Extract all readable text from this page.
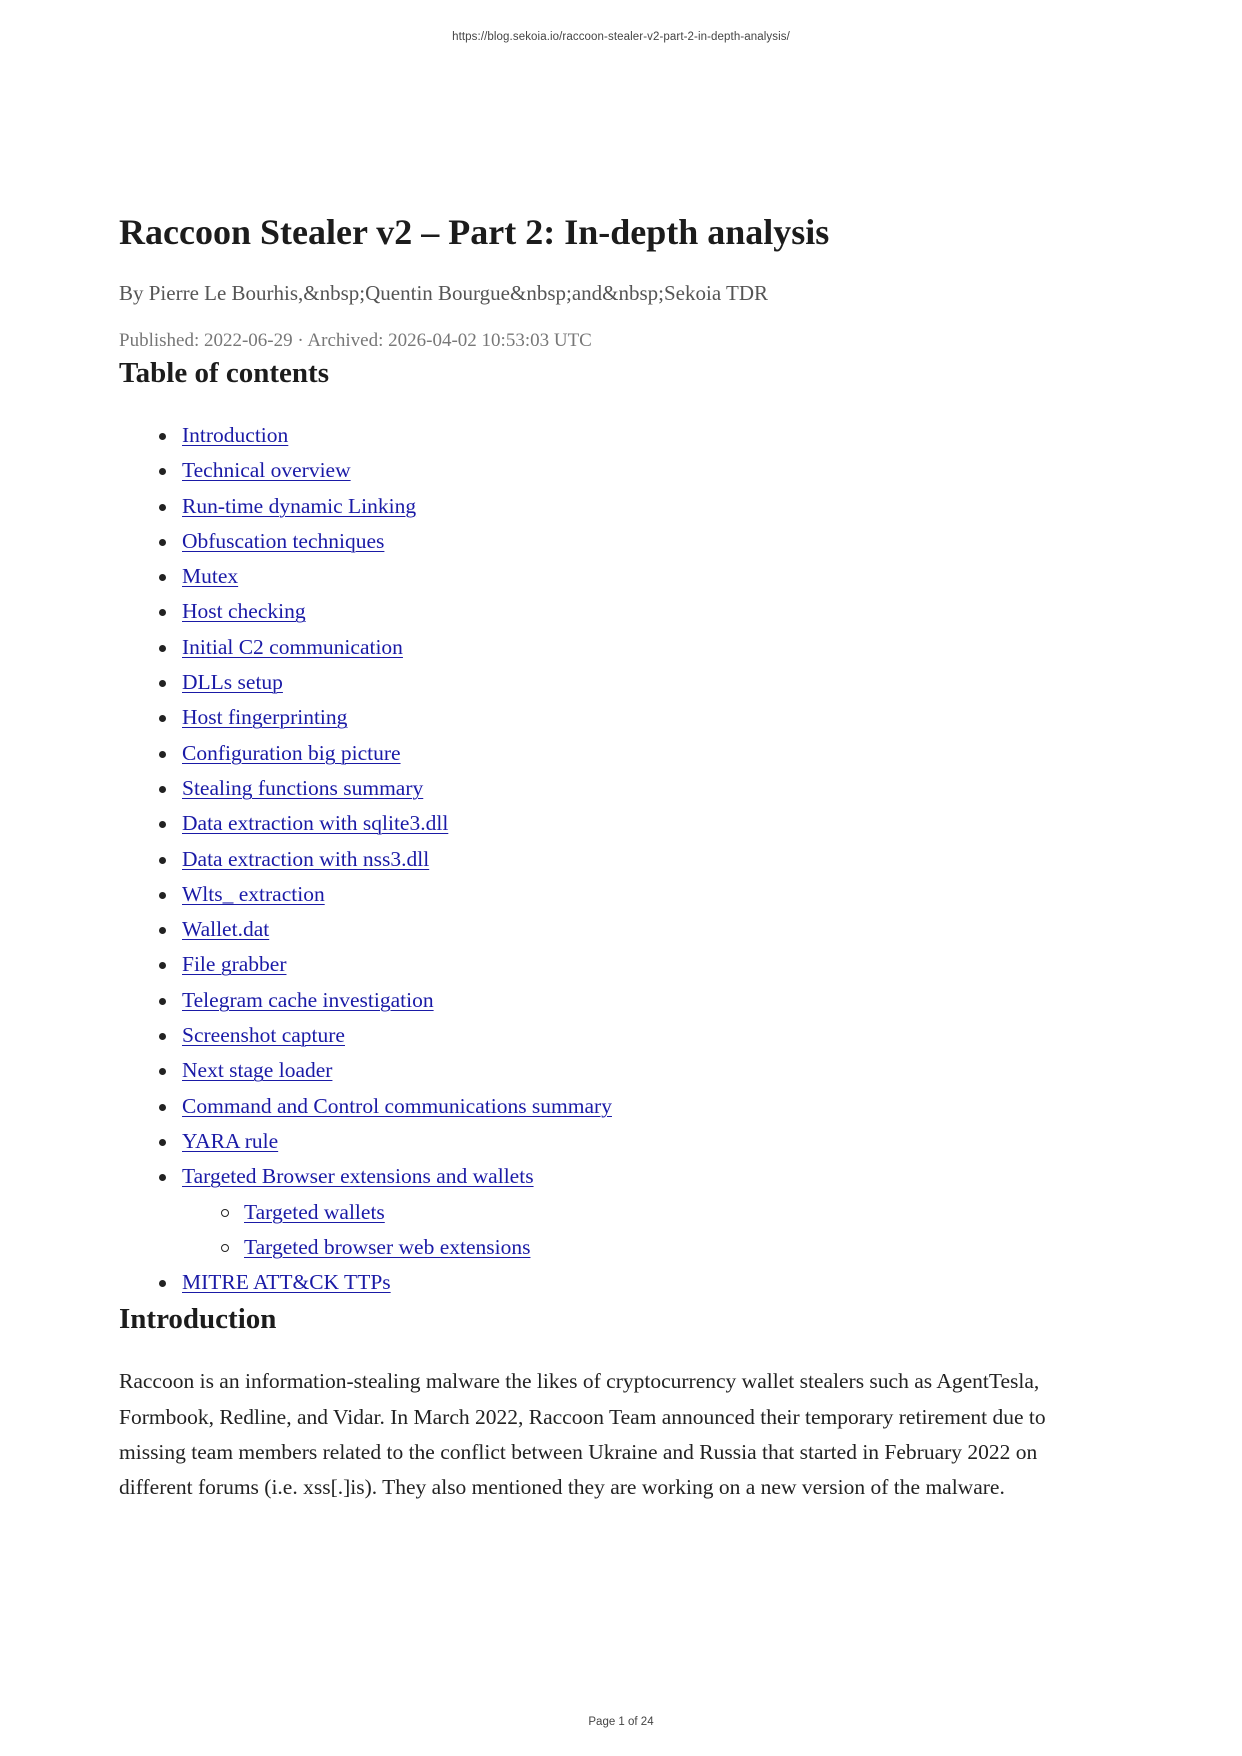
https://blog.sekoia.io/raccoon-stealer-v2-part-2-in-depth-analysis/
Raccoon Stealer v2 – Part 2: In-depth analysis
By Pierre Le Bourhis,&nbsp;Quentin Bourgue&nbsp;and&nbsp;Sekoia TDR
Published: 2022-06-29 · Archived: 2026-04-02 10:53:03 UTC
Table of contents
Introduction
Technical overview
Run-time dynamic Linking
Obfuscation techniques
Mutex
Host checking
Initial C2 communication
DLLs setup
Host fingerprinting
Configuration big picture
Stealing functions summary
Data extraction with sqlite3.dll
Data extraction with nss3.dll
Wlts_ extraction
Wallet.dat
File grabber
Telegram cache investigation
Screenshot capture
Next stage loader
Command and Control communications summary
YARA rule
Targeted Browser extensions and wallets
Targeted wallets
Targeted browser web extensions
MITRE ATT&CK TTPs
Introduction

Raccoon is an information-stealing malware the likes of cryptocurrency wallet stealers such as AgentTesla, Formbook, Redline, and Vidar. In March 2022, Raccoon Team announced their temporary retirement due to missing team members related to the conflict between Ukraine and Russia that started in February 2022 on different forums (i.e. xss[.]is). They also mentioned they are working on a new version of the malware.

Page 1 of 24
